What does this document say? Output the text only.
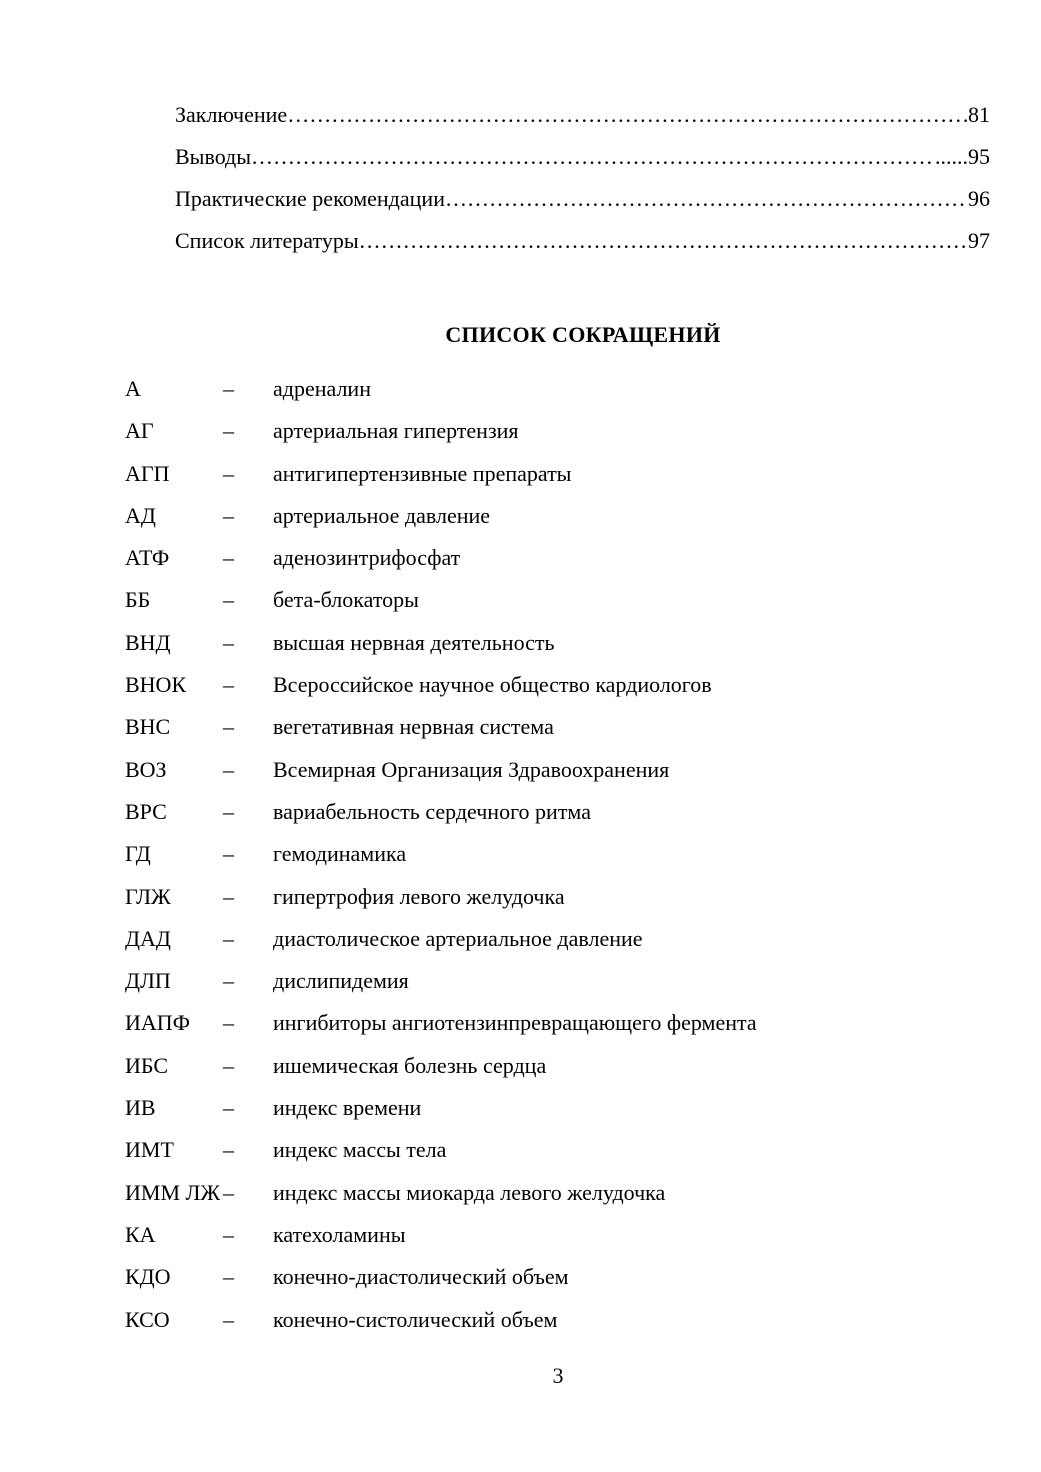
Заключение ……………………………………………………………………………………………………………………………………………………………………………………	81
Выводы ……………………………………………………………………………………………………………………………………………………………………………………	......95
Практические рекомендации ……………………………………………………………………………………………………………………………………………………………………………………	96
Список литературы ……………………………………………………………………………………………………………………………………………………………………………………	97
СПИСОК СОКРАЩЕНИЙ
А	– адреналин
АГ	– артериальная гипертензия
АГП – антигипертензивные препараты
АД	– артериальное давление
АТФ – аденозинтрифосфат
ББ	– бета-блокаторы
ВНД – высшая нервная деятельность
ВНОК – Всероссийское научное общество кардиологов
ВНС – вегетативная нервная система
ВОЗ	– Всемирная Организация Здравоохранения
ВРС	– вариабельность сердечного ритма
ГД	– гемодинамика
ГЛЖ – гипертрофия левого желудочка
ДАД – диастолическое артериальное давление
ДЛП – дислипидемия
ИАПФ – ингибиторы ангиотензинпревращающего фермента
ИБС – ишемическая болезнь сердца
ИВ	– индекс времени
ИМТ – индекс массы тела
ИММ ЛЖ – индекс массы миокарда левого желудочка
КА	– катехоламины
КДО – конечно-диастолический объем
КСО – конечно-систолический объем
3
